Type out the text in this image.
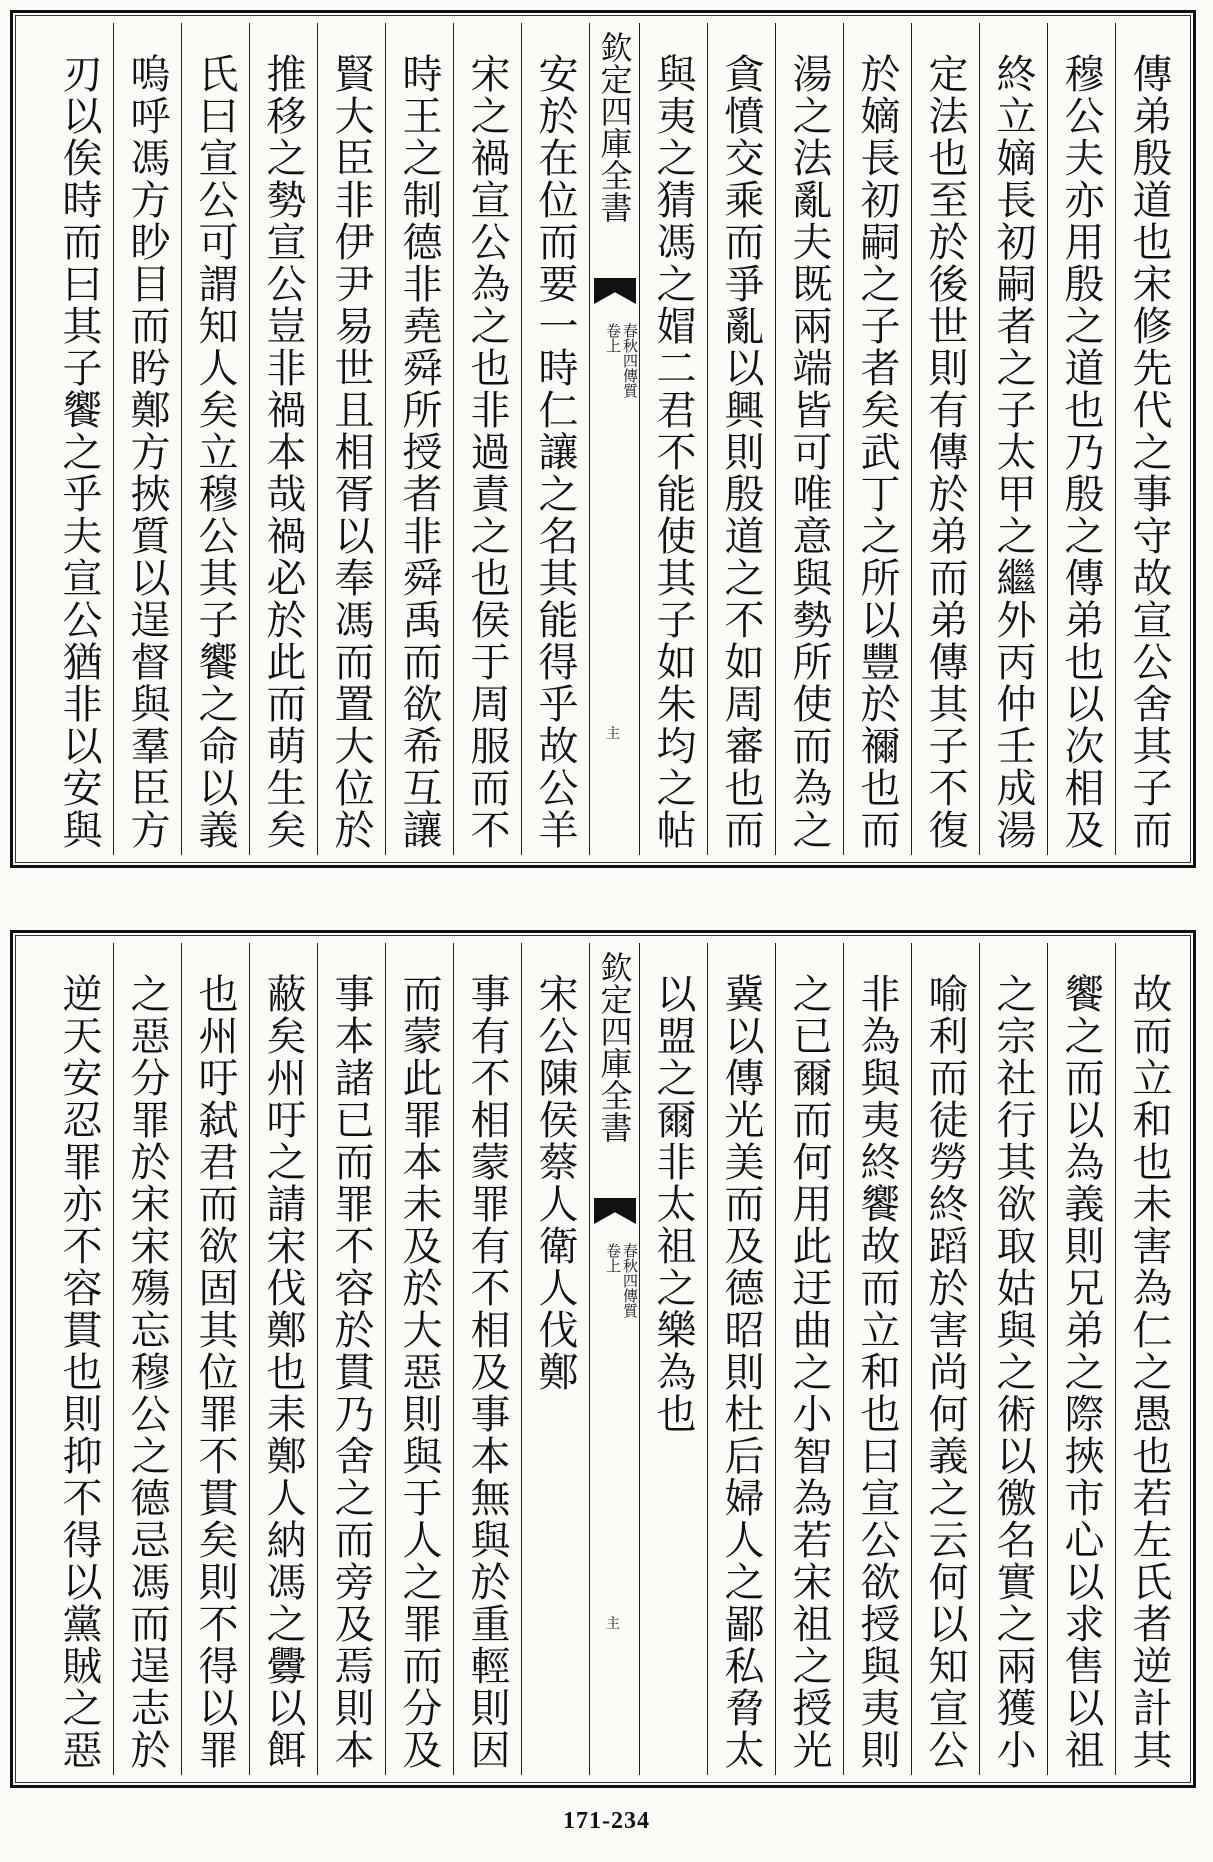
傳弟殷道也宋修先代之事守故宣公舍其子而
穆公夫亦用殷之道也乃殷之傳弟也以次相及
終立嫡長初嗣者之子太甲之繼外丙仲壬成湯
定法也至於後世則有傳於弟而弟傳其子不復
於嫡長初嗣之子者矣武丁之所以豐於禰也而
湯之法亂夫既兩端皆可唯意與勢所使而為之
貪憤交乘而爭亂以興則殷道之不如周審也而
與夷之猜馮之媢二君不能使其子如朱均之帖
欽定四庫全書
春秋四傳質
卷上
主
安於在位而要一時仁讓之名其能得乎故公羊
宋之禍宣公為之也非過責之也侯于周服而不
時王之制德非堯舜所授者非舜禹而欲希互讓
賢大臣非伊尹易世且相胥以奉馮而置大位於
推移之勢宣公豈非禍本哉禍必於此而萌生矣
氏曰宣公可謂知人矣立穆公其子饗之命以義
嗚呼馮方眇目而盻鄭方挾質以逞督與羣臣方
刃以俟時而曰其子饗之乎夫宣公猶非以安與
故而立和也未害為仁之愚也若左氏者逆計其
饗之而以為義則兄弟之際挾市心以求售以祖
之宗社行其欲取姑與之術以徼名實之兩獲小
喻利而徒勞終蹈於害尚何義之云何以知宣公
非為與夷終饗故而立和也曰宣公欲授與夷則
之已爾而何用此迂曲之小智為若宋祖之授光
冀以傳光美而及德昭則杜后婦人之鄙私脅太
以盟之爾非太祖之樂為也
欽定四庫全書
春秋四傳質
卷上
主
宋公陳侯蔡人衛人伐鄭
事有不相蒙罪有不相及事本無與於重輕則因
而蒙此罪本未及於大惡則與于人之罪而分及
事本諸已而罪不容於貫乃舍之而旁及焉則本
蔽矣州吁之請宋伐鄭也耒鄭人納馮之釁以餌
也州吁弑君而欲固其位罪不貫矣則不得以罪
之惡分罪於宋宋殤忘穆公之德忌馮而逞志於
逆天安忍罪亦不容貫也則抑不得以黨賊之惡
171-234
